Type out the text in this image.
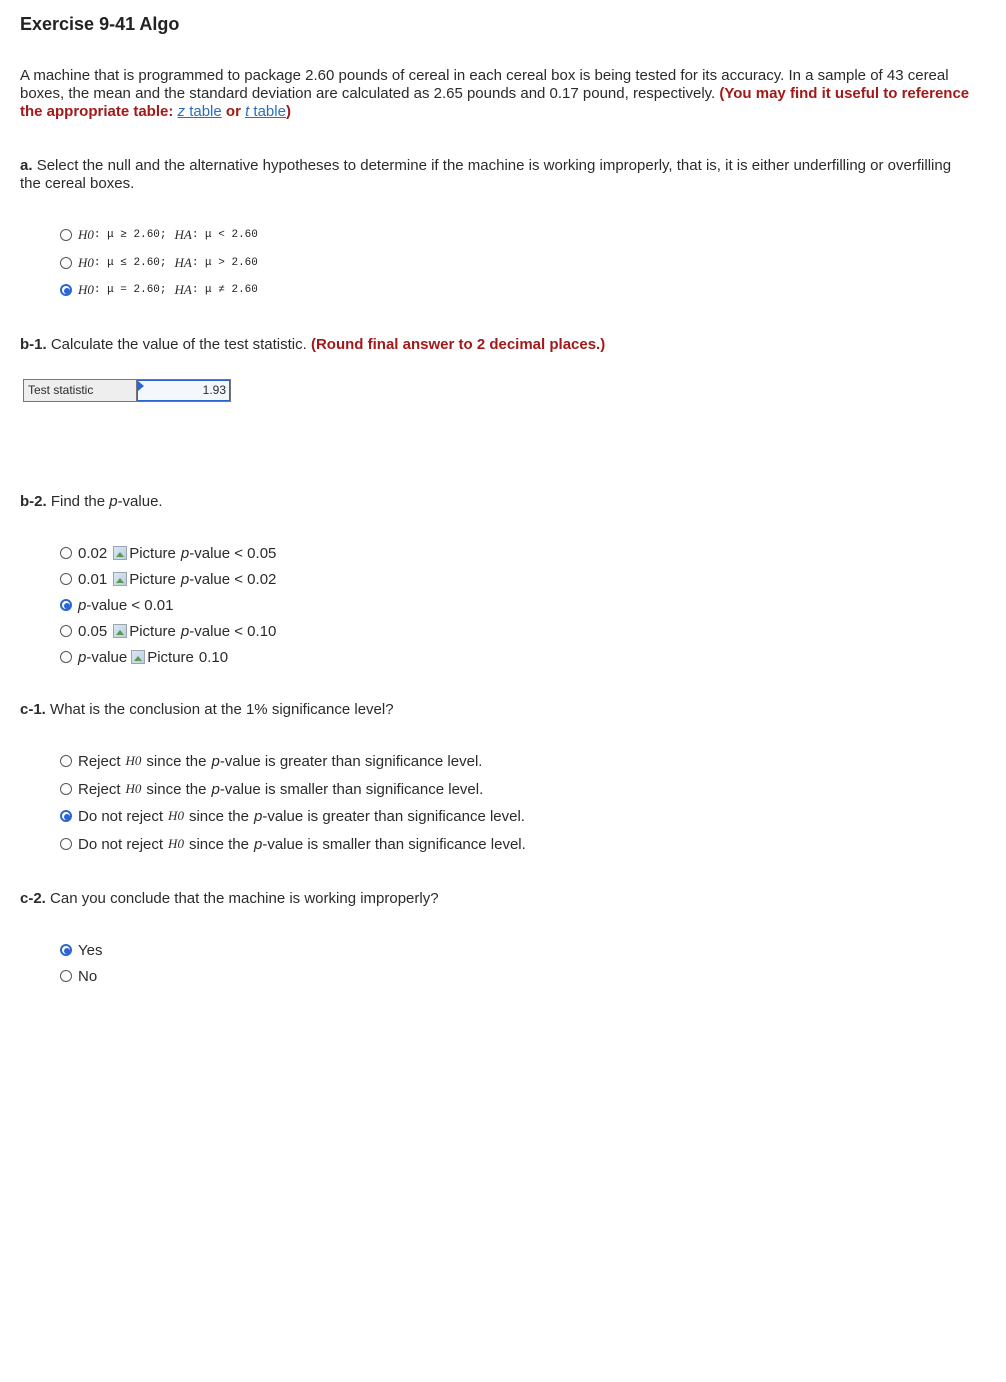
Exercise 9-41 Algo
A machine that is programmed to package 2.60 pounds of cereal in each cereal box is being tested for its accuracy. In a sample of 43 cereal boxes, the mean and the standard deviation are calculated as 2.65 pounds and 0.17 pound, respectively. (You may find it useful to reference the appropriate table: z table or t table)
a. Select the null and the alternative hypotheses to determine if the machine is working improperly, that is, it is either underfilling or overfilling the cereal boxes.
H 0 : μ ≥ 2.60; H A : μ < 2.60
H 0 : μ ≤ 2.60; H A : μ > 2.60
H 0 : μ = 2.60; H A : μ ≠ 2.60
b-1. Calculate the value of the test statistic. (Round final answer to 2 decimal places.)
Test statistic	1.93
b-2. Find the p-value.
0.02 Picture p -value < 0.05
0.01 Picture p -value < 0.02
p -value < 0.01
0.05 Picture p -value < 0.10
p -value Picture 0.10
c-1. What is the conclusion at the 1% significance level?
Reject H 0 since the p -value is greater than significance level.
Reject H 0 since the p -value is smaller than significance level.
Do not reject H 0 since the p -value is greater than significance level.
Do not reject H 0 since the p -value is smaller than significance level.
c-2. Can you conclude that the machine is working improperly?
Yes
No
